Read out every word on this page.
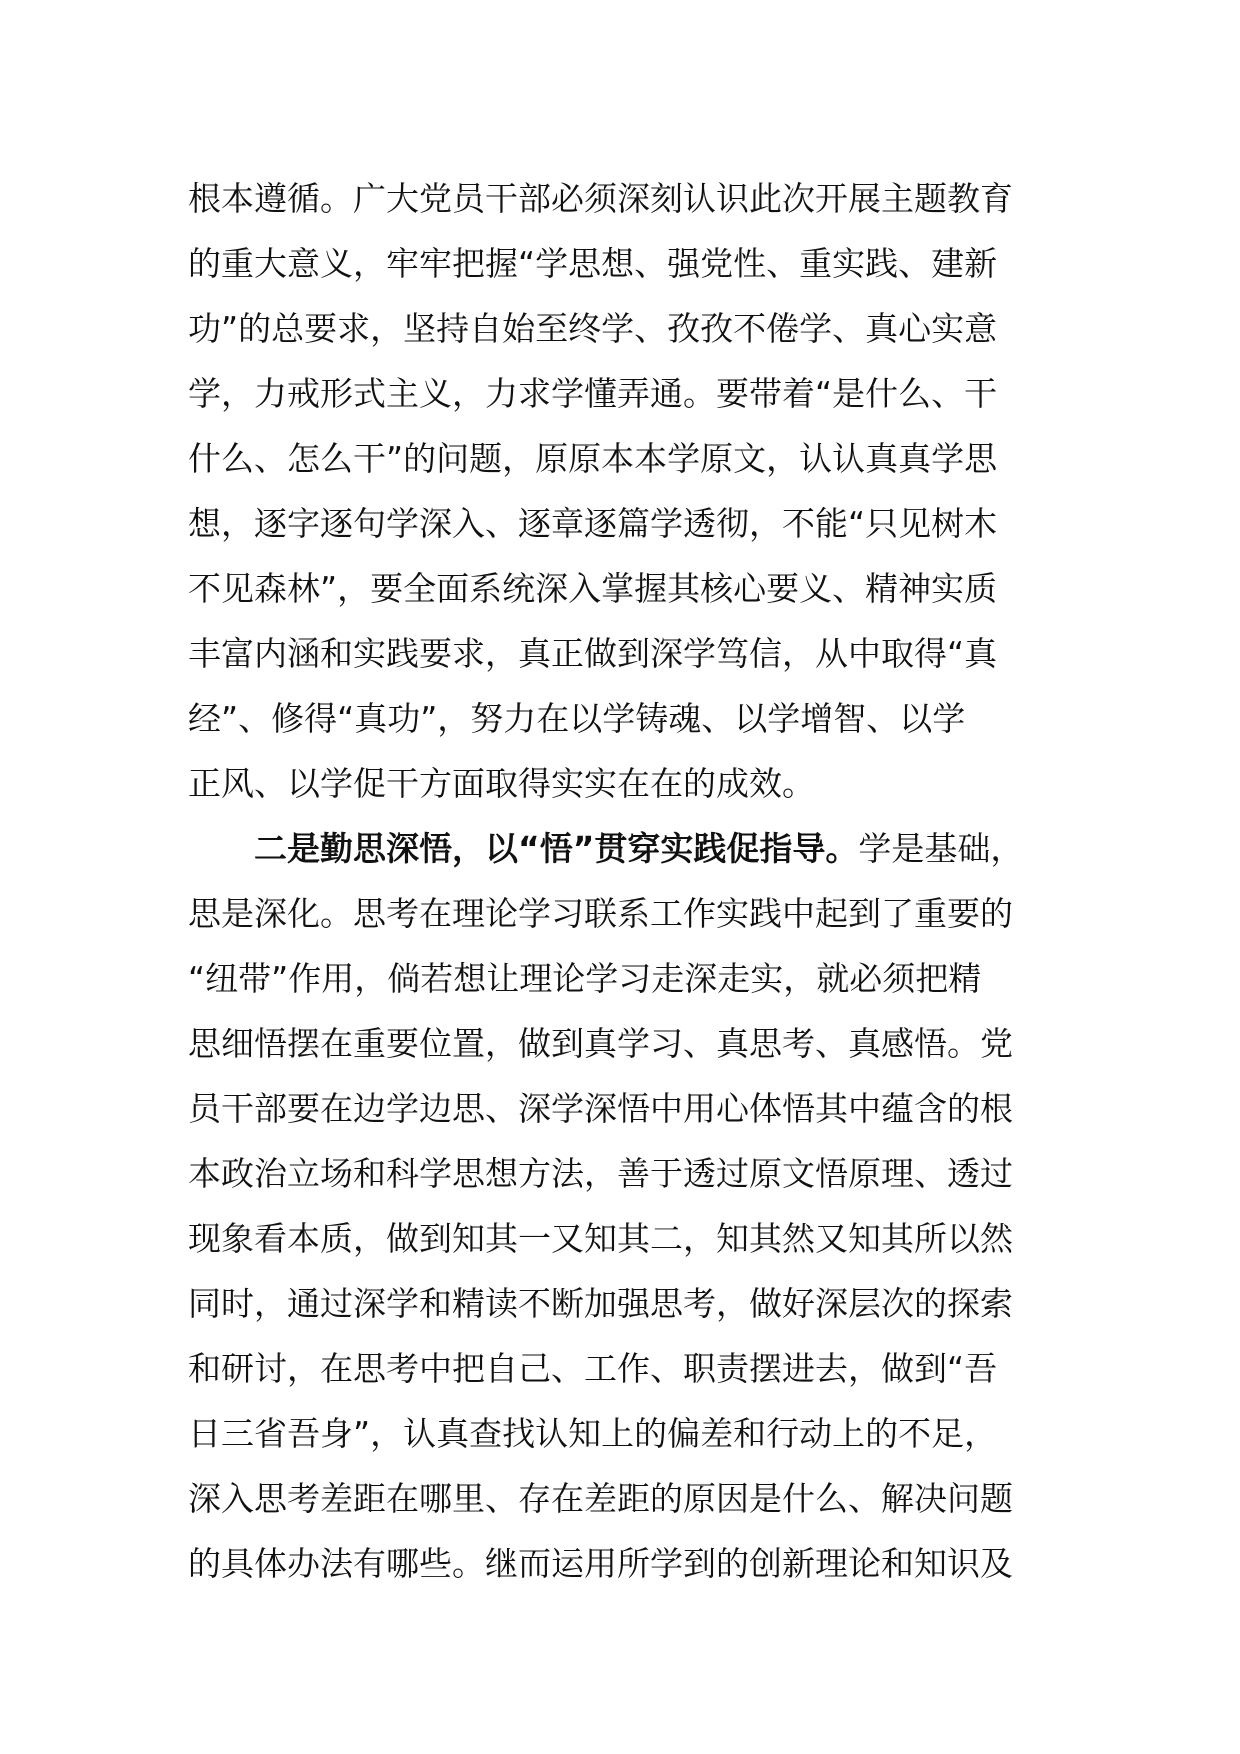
根本遵循。广大党员干部必须深刻认识此次开展主题教育
的重大意义，牢牢把握“学思想、强党性、重实践、建新
功”的总要求，坚持自始至终学、孜孜不倦学、真心实意
学，力戒形式主义，力求学懂弄通。要带着“是什么、干
什么、怎么干”的问题，原原本本学原文，认认真真学思
想，逐字逐句学深入、逐章逐篇学透彻，不能“只见树木
不见森林”，要全面系统深入掌握其核心要义、精神实质
丰富内涵和实践要求，真正做到深学笃信，从中取得“真
经”、修得“真功”，努力在以学铸魂、以学增智、以学
正风、以学促干方面取得实实在在的成效。
二是勤思深悟，以“悟”贯穿实践促指导。学是基础，
思是深化。思考在理论学习联系工作实践中起到了重要的
“纽带”作用，倘若想让理论学习走深走实，就必须把精
思细悟摆在重要位置，做到真学习、真思考、真感悟。党
员干部要在边学边思、深学深悟中用心体悟其中蕴含的根
本政治立场和科学思想方法，善于透过原文悟原理、透过
现象看本质，做到知其一又知其二，知其然又知其所以然
同时，通过深学和精读不断加强思考，做好深层次的探索
和研讨，在思考中把自己、工作、职责摆进去，做到“吾
日三省吾身”，认真查找认知上的偏差和行动上的不足，
深入思考差距在哪里、存在差距的原因是什么、解决问题
的具体办法有哪些。继而运用所学到的创新理论和知识及
